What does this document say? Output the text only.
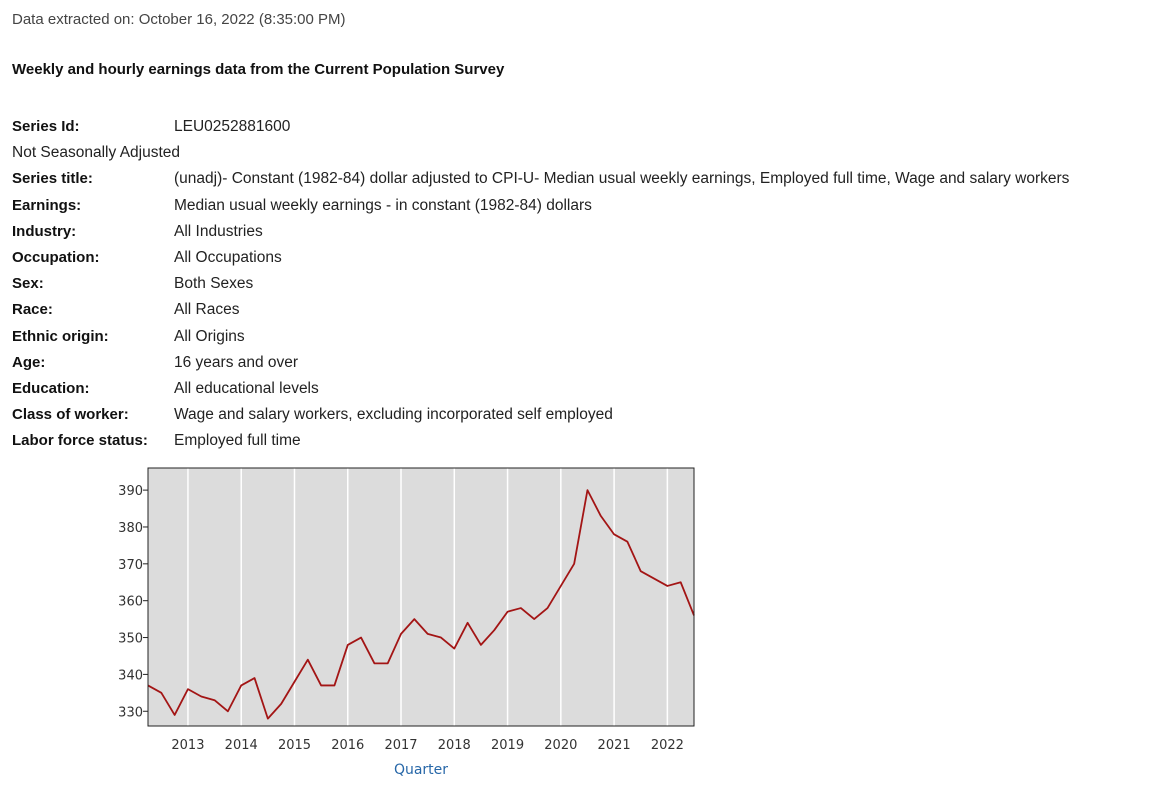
Data extracted on: October 16, 2022 (8:35:00 PM)
Weekly and hourly earnings data from the Current Population Survey
Series Id:	LEU0252881600
Not Seasonally Adjusted
Series title:	(unadj)- Constant (1982-84) dollar adjusted to CPI-U- Median usual weekly earnings, Employed full time, Wage and salary workers
Earnings:	Median usual weekly earnings - in constant (1982-84) dollars
Industry:	All Industries
Occupation:	All Occupations
Sex:	Both Sexes
Race:	All Races
Ethnic origin:	All Origins
Age:	16 years and over
Education:	All educational levels
Class of worker:	Wage and salary workers, excluding incorporated self employed
Labor force status:	Employed full time
330
340
350
360
370
380
390
2013 2014 2015 2016 2017 2018 2019 2020 2021 2022
Quarter
